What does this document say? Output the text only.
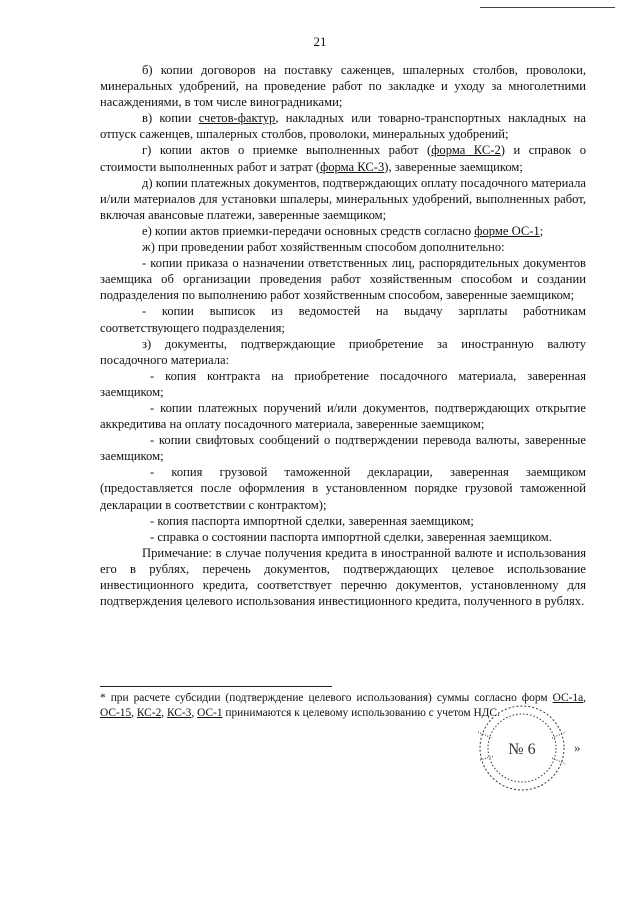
21

б) копии договоров на поставку саженцев, шпалерных столбов, проволоки, минеральных удобрений, на проведение работ по закладке и уходу за многолетними насаждениями, в том числе виноградниками;

в) копии счетов-фактур, накладных или товарно-транспортных накладных на отпуск саженцев, шпалерных столбов, проволоки, минеральных удобрений;

г) копии актов о приемке выполненных работ (форма КС-2) и справок о стоимости выполненных работ и затрат (форма КС-3), заверенные заемщиком;

д) копии платежных документов, подтверждающих оплату посадочного материала и/или материалов для установки шпалеры, минеральных удобрений, выполненных работ, включая авансовые платежи, заверенные заемщиком;

е) копии актов приемки-передачи основных средств согласно форме ОС-1;

ж) при проведении работ хозяйственным способом дополнительно:

- копии приказа о назначении ответственных лиц, распорядительных документов заемщика об организации проведения работ хозяйственным способом и создании подразделения по выполнению работ хозяйственным способом, заверенные заемщиком;

- копии выписок из ведомостей на выдачу зарплаты работникам соответствующего подразделения;

з) документы, подтверждающие приобретение за иностранную валюту посадочного материала:

- копия контракта на приобретение посадочного материала, заверенная заемщиком;

- копии платежных поручений и/или документов, подтверждающих открытие аккредитива на оплату посадочного материала, заверенные заемщиком;

- копии свифтовых сообщений о подтверждении перевода валюты, заверенные заемщиком;

- копия грузовой таможенной декларации, заверенная заемщиком (предоставляется после оформления в установленном порядке грузовой таможенной декларации в соответствии с контрактом);

- копия паспорта импортной сделки, заверенная заемщиком;

- справка о состоянии паспорта импортной сделки, заверенная заемщиком.

Примечание: в случае получения кредита в иностранной валюте и использования его в рублях, перечень документов, подтверждающих целевое использование инвестиционного кредита, соответствует перечню документов, установленному для подтверждения целевого использования инвестиционного кредита, полученного в рублях.

* при расчете субсидии (подтверждение целевого использования) суммы согласно форм ОС-1а, ОС-15, КС-2, КС-3, ОС-1 принимаются к целевому использованию с учетом НДС.

№ 6	»
